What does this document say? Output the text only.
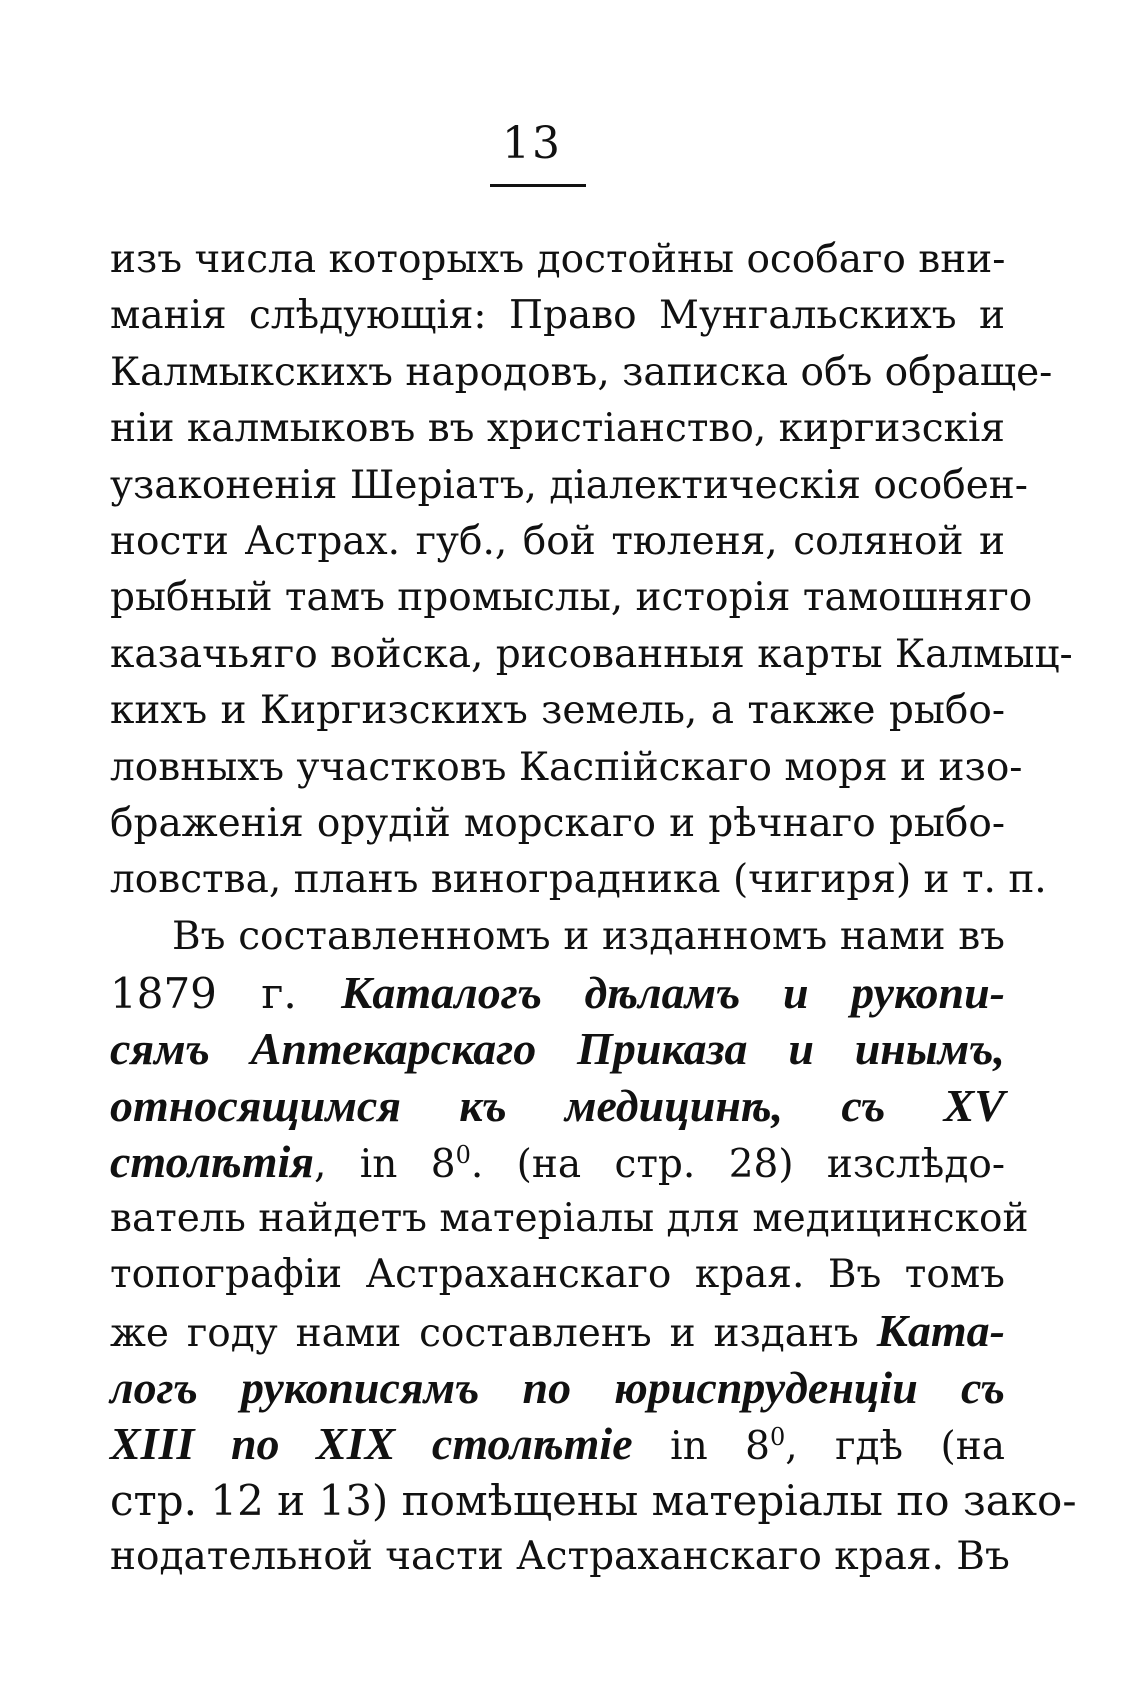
13
изъ числа которыхъ достойны особаго вни-
манія слѣдующія: Право Мунгальскихъ и
Калмыкскихъ народовъ, записка объ обраще-
ніи калмыковъ въ христіанство, киргизскія
узаконенія Шеріатъ, діалектическія особен-
ности Астрах. губ., бой тюленя, соляной и
рыбный тамъ промыслы, исторія тамошняго
казачьяго войска, рисованныя карты Калмыц-
кихъ и Киргизскихъ земель, а также рыбо-
ловныхъ участковъ Каспійскаго моря и изо-
браженія орудій морскаго и рѣчнаго рыбо-
ловства, планъ виноградника (чигиря) и т. п.
Въ составленномъ и изданномъ нами въ
1879 г. Каталогъ дѣламъ и рукопи-
сямъ Аптекарскаго Приказа и инымъ,
относящимся къ медицинѣ, съ XV
столѣтія, in $8^0$. (на стр. 28) изслѣдо-
ватель найдетъ матеріалы для медицинской
топографіи Астраханскаго края. Въ томъ
же году нами составленъ и изданъ Ката-
логъ рукописямъ по юриспруденціи съ
XIII по XIX столѣтіе in $8^0$, гдѣ (на
стр. 12 и 13) помѣщены матеріалы по зако-
нодательной части Астраханскаго края. Въ
